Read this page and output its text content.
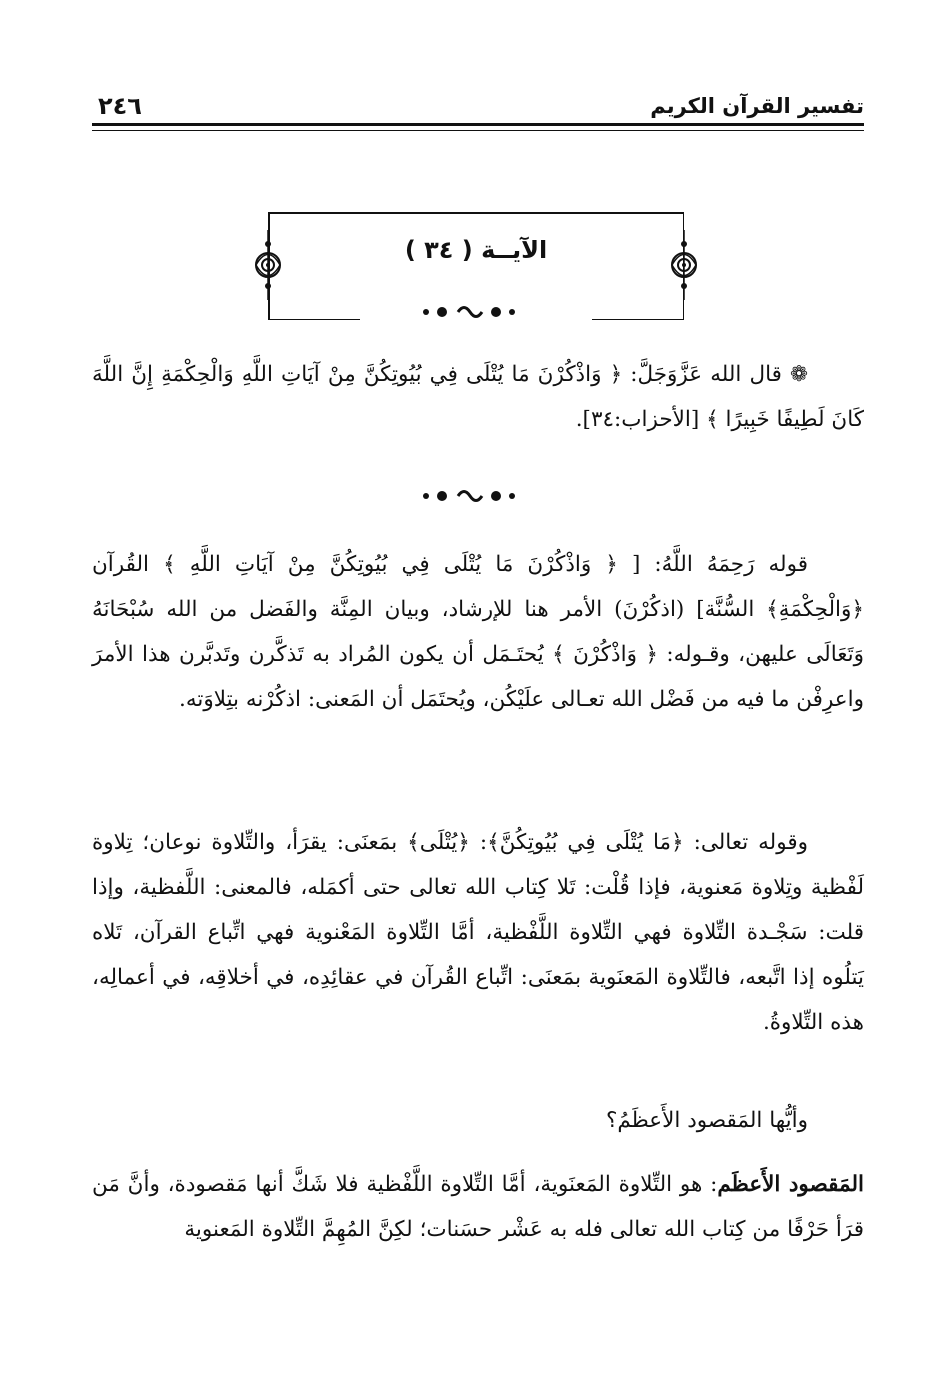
تفسير القرآن الكريم
٢٤٦
الآيــة ( ٣٤ )
❁ قال الله عَزَّوَجَلَّ: ﴿ وَاذْكُرْنَ مَا يُتْلَى فِي بُيُوتِكُنَّ مِنْ آيَاتِ اللَّهِ وَالْحِكْمَةِ إِنَّ اللَّهَ كَانَ لَطِيفًا خَبِيرًا ﴾ [الأحزاب:٣٤].
قوله رَحِمَهُ اللَّهُ: [ ﴿ وَاذْكُرْنَ مَا يُتْلَى فِي بُيُوتِكُنَّ مِنْ آيَاتِ اللَّهِ ﴾ القُرآن ﴿وَالْحِكْمَةِ﴾ السُّنَّة] (اذكُرْنَ) الأمر هنا للإرشاد، وبيان المِنَّة والفَضل من الله سُبْحَانَهُ وَتَعَالَى عليهن، وقـوله: ﴿ وَاذْكُرْنَ ﴾ يُحتَـمَل أن يكون المُراد به تَذكَّرن وتَدبَّرن هذا الأمرَ واعرِفْن ما فيه من فَضْل الله تعـالى علَيْكُن، ويُحتَمَل أن المَعنى: اذكُرْنه بتِلاوَته.
وقوله تعالى: ﴿مَا يُتْلَى فِي بُيُوتِكُنَّ﴾: ﴿يُتْلَى﴾ بمَعنَى: يقرَأ، والتِّلاوة نوعان؛ تِلاوة لَفْظية وتِلاوة مَعنوية، فإذا قُلْت: تَلا كِتاب الله تعالى حتى أكمَله، فالمعنى: اللَّفظية، وإذا قلت: سَجْـدة التِّلاوة فهي التِّلاوة اللَّفْظية، أمَّا التِّلاوة المَعْنوية فهي اتِّباع القرآن، تَلاه يَتلُوه إذا اتَّبعه، فالتِّلاوة المَعنَوية بمَعنَى: اتِّباع القُرآن في عقائِدِه، في أخلاقِه، في أعمالِه، هذه التِّلاوةُ.
وأيُّها المَقصود الأَعظَمُ؟
المَقصود الأَعظَم: هو التِّلاوة المَعنَوية، أمَّا التِّلاوة اللَّفْظية فلا شَكَّ أنها مَقصودة، وأنَّ مَن قرَأ حَرْفًا من كِتاب الله تعالى فله به عَشْر حسَنات؛ لكِنَّ المُهِمَّ التِّلاوة المَعنوية
